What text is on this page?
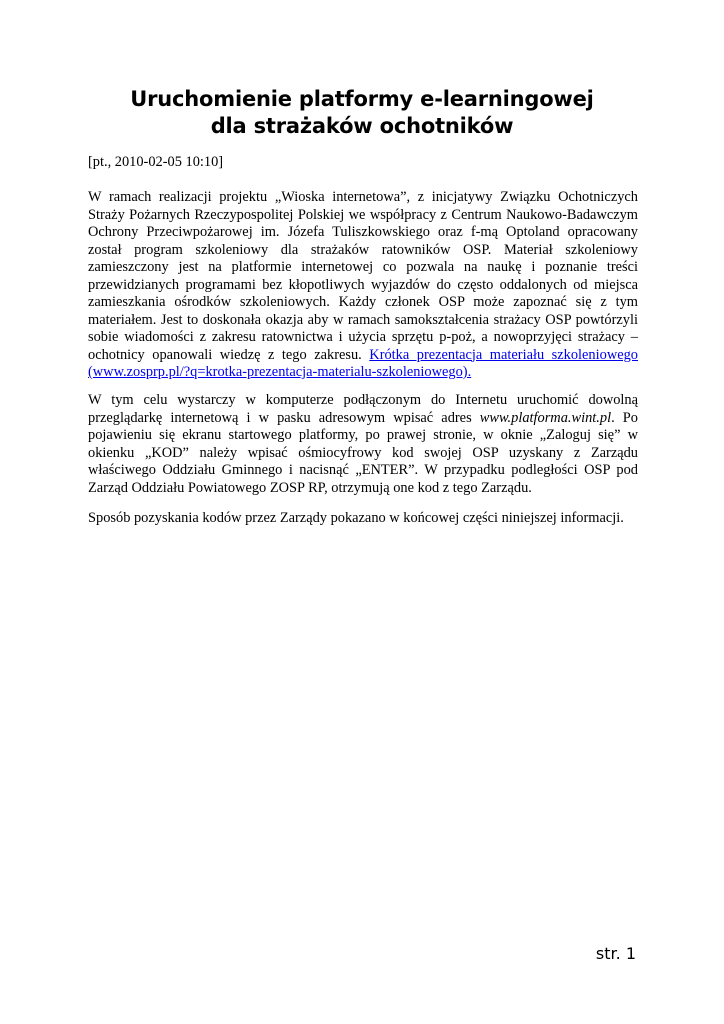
Uruchomienie platformy e-learningowej
dla strażaków ochotników
[pt., 2010-02-05 10:10]
W ramach realizacji projektu „Wioska internetowa”, z inicjatywy Związku Ochotniczych Straży Pożarnych Rzeczypospolitej Polskiej we współpracy z Centrum Naukowo-Badawczym Ochrony Przeciwpożarowej im. Józefa Tuliszkowskiego oraz f-mą Optoland opracowany został program szkoleniowy dla strażaków ratowników OSP. Materiał szkoleniowy zamieszczony jest na platformie internetowej co pozwala na naukę i poznanie treści przewidzianych programami bez kłopotliwych wyjazdów do często oddalonych od miejsca zamieszkania ośrodków szkoleniowych. Każdy członek OSP może zapoznać się z tym materiałem. Jest to doskonała okazja aby w ramach samokształcenia strażacy OSP powtórzyli sobie wiadomości z zakresu ratownictwa i użycia sprzętu p-poż, a nowoprzyjęci strażacy – ochotnicy opanowali wiedzę z tego zakresu. Krótka prezentacja materiału szkoleniowego (www.zosprp.pl/?q=krotka-prezentacja-materialu-szkoleniowego).
W tym celu wystarczy w komputerze podłączonym do Internetu uruchomić dowolną przeglądarkę internetową i w pasku adresowym wpisać adres www.platforma.wint.pl. Po pojawieniu się ekranu startowego platformy, po prawej stronie, w oknie „Zaloguj się” w okienku „KOD” należy wpisać ośmiocyfrowy kod swojej OSP uzyskany z Zarządu właściwego Oddziału Gminnego i nacisnąć „ENTER”. W przypadku podległości OSP pod Zarząd Oddziału Powiatowego ZOSP RP, otrzymują one kod z tego Zarządu.
Sposób pozyskania kodów przez Zarządy pokazano w końcowej części niniejszej informacji.
str. 1
